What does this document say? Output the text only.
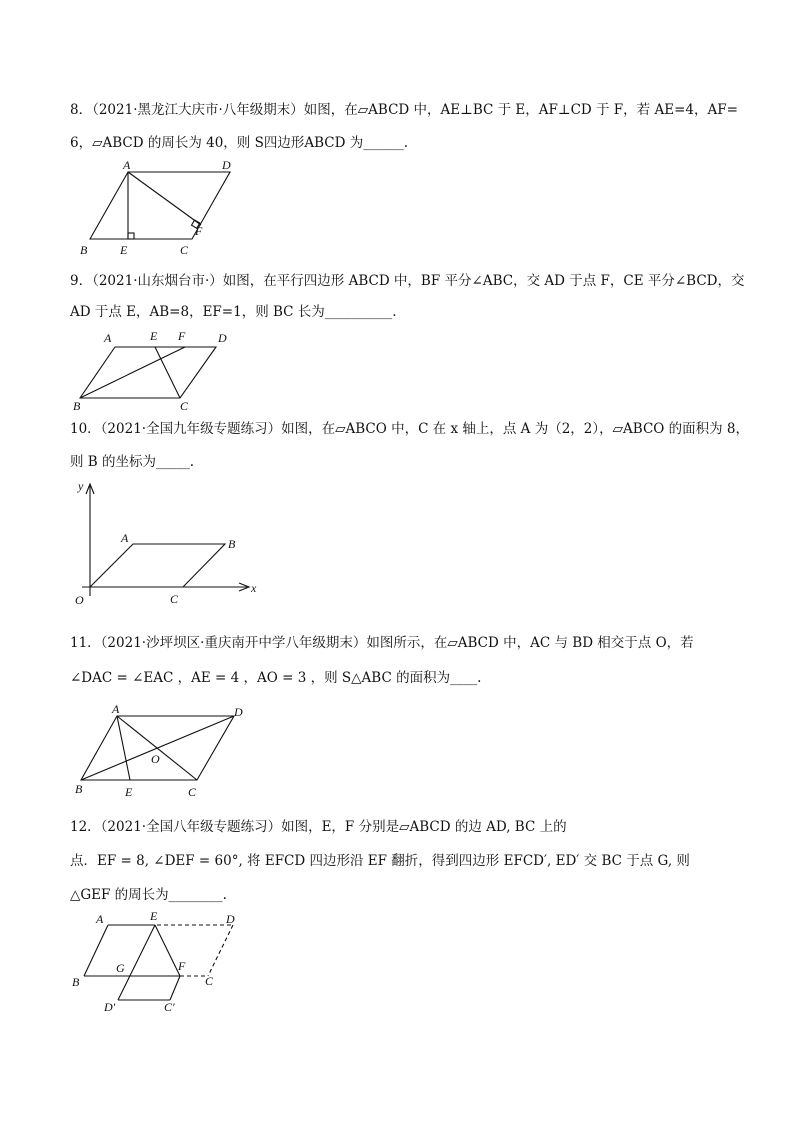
8．（2021·黑龙江大庆市·八年级期末）如图，在▱ABCD 中，AE⊥BC 于 E，AF⊥CD 于 F，若 AE=4，AF=
6，▱ABCD 的周长为 40，则 S四边形ABCD 为______.
A	D
B	E	C
F
9．（2021·山东烟台市·）如图，在平行四边形 ABCD 中，BF 平分∠ABC，交 AD 于点 F，CE 平分∠BCD，交
AD 于点 E，AB=8，EF=1，则 BC 长为__________.
A	E F	D
B	C
10．（2021·全国九年级专题练习）如图，在▱ABCO 中，C 在 x 轴上，点 A 为（2，2），▱ABCO 的面积为 8，
则 B 的坐标为_____.
y
x
O
A	B
C
11．（2021·沙坪坝区·重庆南开中学八年级期末）如图所示，在▱ABCD 中，AC 与 BD 相交于点 O，若
∠DAC = ∠EAC ，AE = 4 ，AO = 3 ，则 S△ABC 的面积为____.
A	D
O
B	E	C
12．（2021·全国八年级专题练习）如图，E，F 分别是▱ABCD 的边 AD, BC 上的
点．EF = 8, ∠DEF = 60°, 将 EFCD 四边形沿 EF 翻折，得到四边形 EFCD′, ED′ 交 BC 于点 G, 则
△GEF 的周长为________.
A	E	D
B
G	F
C
D′	C′
